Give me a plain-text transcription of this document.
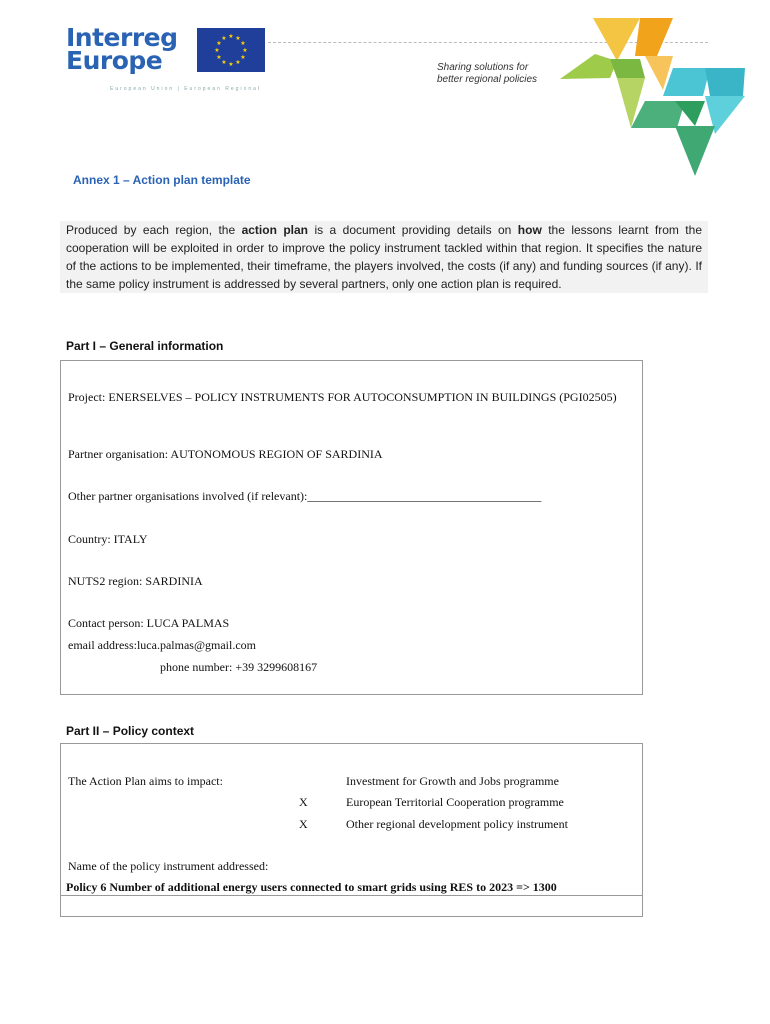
Interreg
Europe
★ ★
★
★
★
★
★
★
★
★
★
★
European Union | European Regional
Sharing solutions for
better regional policies
Annex 1 – Action plan template
Produced by each region, the action plan is a document providing details on how the lessons learnt from the cooperation will be exploited in order to improve the policy instrument tackled within that region. It specifies the nature of the actions to be implemented, their timeframe, the players involved, the costs (if any) and funding sources (if any). If the same policy instrument is addressed by several partners, only one action plan is required.
Part I – General information
Project: ENERSELVES – POLICY INSTRUMENTS FOR AUTOCONSUMPTION IN BUILDINGS (PGI02505)
Partner organisation: AUTONOMOUS REGION OF SARDINIA
Other partner organisations involved (if relevant):_______________________________________
Country: ITALY
NUTS2 region: SARDINIA
Contact person: LUCA PALMAS
email address:luca.palmas@gmail.com
phone number: +39 3299608167
Part II – Policy context
The Action Plan aims to impact:	Investment for Growth and Jobs programme
X	European Territorial Cooperation programme
X	Other regional development policy instrument
Name of the policy instrument addressed:
Policy 6 Number of additional energy users connected to smart grids using RES to 2023 => 1300
